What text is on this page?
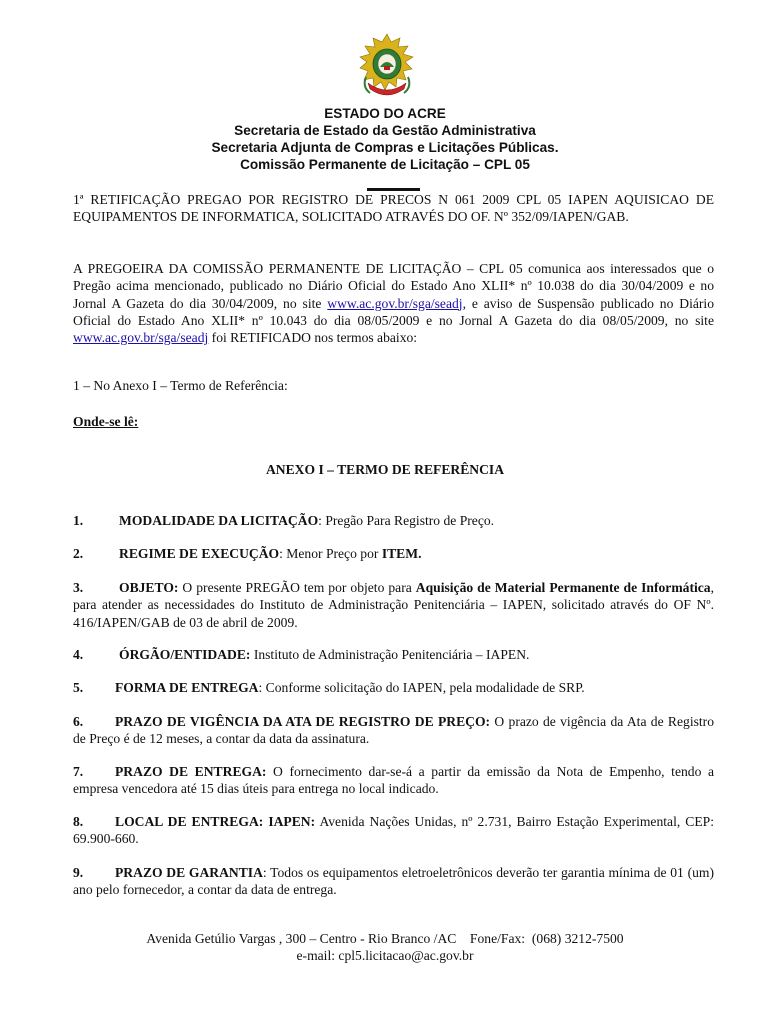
ESTADO DO ACRE
Secretaria de Estado da Gestão Administrativa
Secretaria Adjunta de Compras e Licitações Públicas.
Comissão Permanente de Licitação – CPL 05
1ª RETIFICAÇÃO PREGAO POR REGISTRO DE PRECOS N 061 2009 CPL 05 IAPEN AQUISICAO DE EQUIPAMENTOS DE INFORMATICA, SOLICITADO ATRAVÉS DO OF. Nº 352/09/IAPEN/GAB.
A PREGOEIRA DA COMISSÃO PERMANENTE DE LICITAÇÃO – CPL 05 comunica aos interessados que o Pregão acima mencionado, publicado no Diário Oficial do Estado Ano XLII* nº 10.038 do dia 30/04/2009 e no Jornal A Gazeta do dia 30/04/2009, no site www.ac.gov.br/sga/seadj, e aviso de Suspensão publicado no Diário Oficial do Estado Ano XLII* nº 10.043 do dia 08/05/2009 e no Jornal A Gazeta do dia 08/05/2009, no site www.ac.gov.br/sga/seadj foi RETIFICADO nos termos abaixo:
1 – No Anexo I – Termo de Referência:
Onde-se lê:
ANEXO I – TERMO DE REFERÊNCIA
1.	MODALIDADE DA LICITAÇÃO: Pregão Para Registro de Preço.
2.	REGIME DE EXECUÇÃO: Menor Preço por ITEM.
3.	OBJETO: O presente PREGÃO tem por objeto para Aquisição de Material Permanente de Informática, para atender as necessidades do Instituto de Administração Penitenciária – IAPEN, solicitado através do OF Nº. 416/IAPEN/GAB de 03 de abril de 2009.
4.	ÓRGÃO/ENTIDADE: Instituto de Administração Penitenciária – IAPEN.
5. FORMA DE ENTREGA: Conforme solicitação do IAPEN, pela modalidade de SRP.
6. PRAZO DE VIGÊNCIA DA ATA DE REGISTRO DE PREÇO: O prazo de vigência da Ata de Registro de Preço é de 12 meses, a contar da data da assinatura.
7. PRAZO DE ENTREGA: O fornecimento dar-se-á a partir da emissão da Nota de Empenho, tendo a empresa vencedora até 15 dias úteis para entrega no local indicado.
8. LOCAL DE ENTREGA: IAPEN: Avenida Nações Unidas, nº 2.731, Bairro Estação Experimental, CEP: 69.900-660.
9. PRAZO DE GARANTIA: Todos os equipamentos eletroeletrônicos deverão ter garantia mínima de 01 (um) ano pelo fornecedor, a contar da data de entrega.
Avenida Getúlio Vargas , 300 – Centro - Rio Branco /AC    Fone/Fax:  (068) 3212-7500
e-mail: cpl5.licitacao@ac.gov.br
